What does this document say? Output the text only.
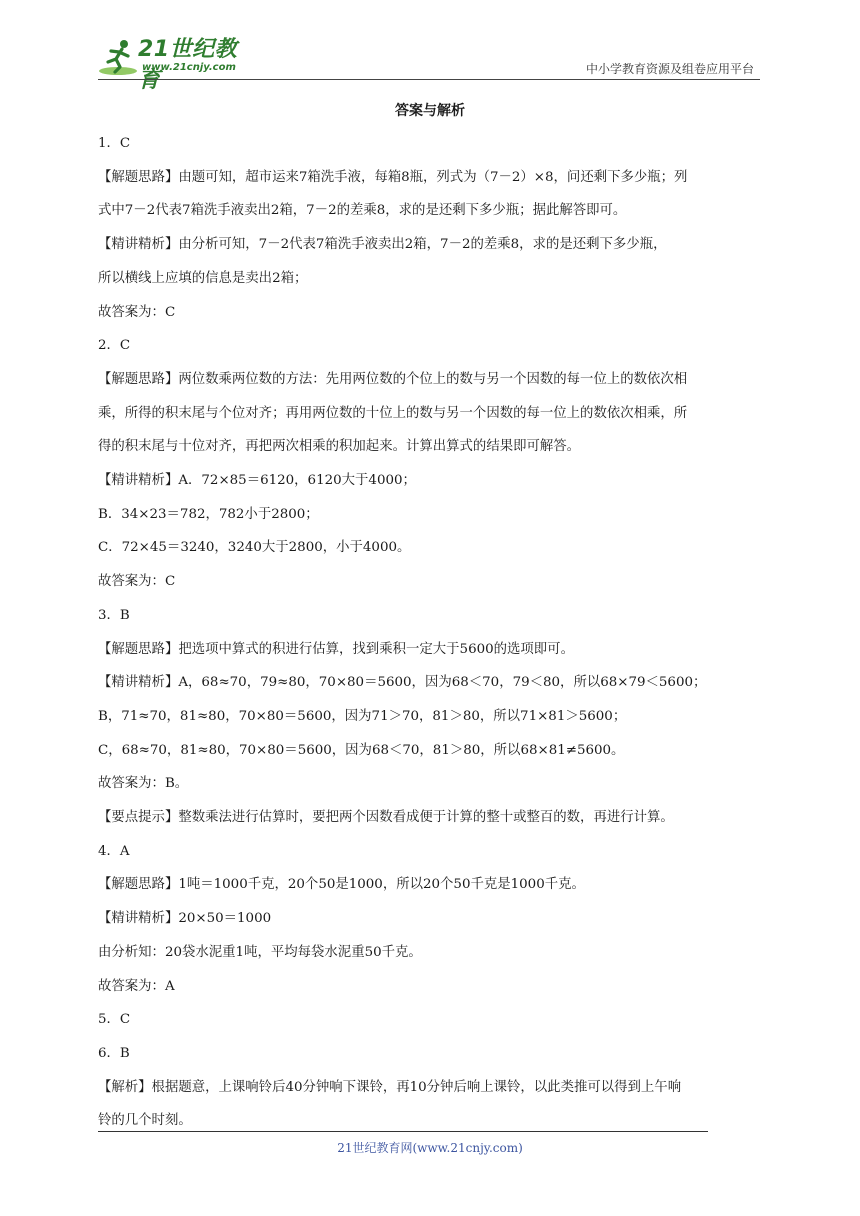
21世纪教育
www.21cnjy.com	中小学教育资源及组卷应用平台
答案与解析

1．C

【解题思路】由题可知，超市运来7箱洗手液，每箱8瓶，列式为（7－2）×8，问还剩下多少瓶；列

式中7－2代表7箱洗手液卖出2箱，7－2的差乘8，求的是还剩下多少瓶；据此解答即可。

【精讲精析】由分析可知，7－2代表7箱洗手液卖出2箱，7－2的差乘8，求的是还剩下多少瓶，

所以横线上应填的信息是卖出2箱；

故答案为：C

2．C

【解题思路】两位数乘两位数的方法：先用两位数的个位上的数与另一个因数的每一位上的数依次相

乘，所得的积末尾与个位对齐；再用两位数的十位上的数与另一个因数的每一位上的数依次相乘，所

得的积末尾与十位对齐，再把两次相乘的积加起来。计算出算式的结果即可解答。

【精讲精析】A．72×85＝6120，6120大于4000；

B．34×23＝782，782小于2800；

C．72×45＝3240，3240大于2800，小于4000。

故答案为：C

3．B

【解题思路】把选项中算式的积进行估算，找到乘积一定大于5600的选项即可。

【精讲精析】A，68≈70，79≈80，70×80＝5600，因为68＜70，79＜80，所以68×79＜5600；

B，71≈70，81≈80，70×80＝5600，因为71＞70，81＞80，所以71×81＞5600；

C，68≈70，81≈80，70×80＝5600，因为68＜70，81＞80，所以68×81≠5600。

故答案为：B。

【要点提示】整数乘法进行估算时，要把两个因数看成便于计算的整十或整百的数，再进行计算。

4．A

【解题思路】1吨＝1000千克，20个50是1000，所以20个50千克是1000千克。

【精讲精析】20×50＝1000

由分析知：20袋水泥重1吨，平均每袋水泥重50千克。

故答案为：A

5．C

6．B

【解析】根据题意，上课响铃后40分钟响下课铃，再10分钟后响上课铃，以此类推可以得到上午响

铃的几个时刻。

21世纪教育网(www.21cnjy.com)
